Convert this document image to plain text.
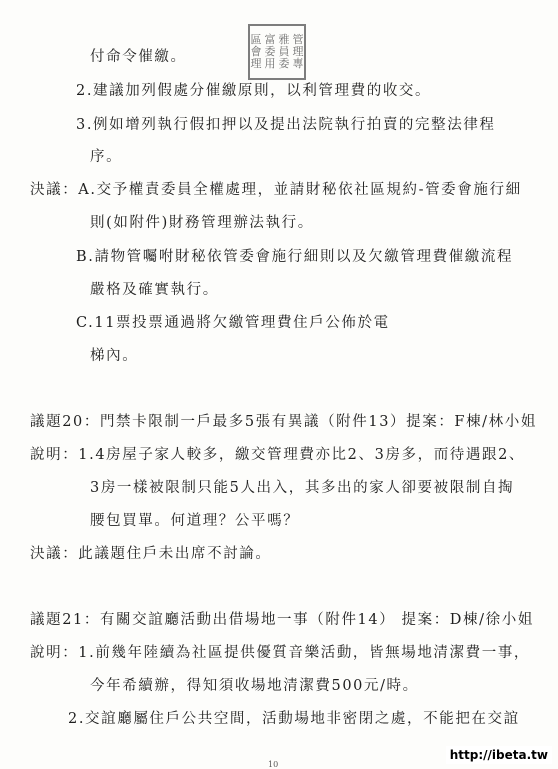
區 富 雅 管
會 委 員 理
理 用 委 專
付命令催繳。
2.建議加列假處分催繳原則，以利管理費的收交。
3.例如增列執行假扣押以及提出法院執行拍賣的完整法律程
序。
決議：A.交予權責委員全權處理，並請財秘依社區規約-管委會施行細
則(如附件)財務管理辦法執行。
B.請物管囑咐財秘依管委會施行細則以及欠繳管理費催繳流程
嚴格及確實執行。
C.11票投票通過將欠繳管理費住戶公佈於電
梯內。
議題20：門禁卡限制一戶最多5張有異議（附件13）提案：F棟/林小姐
說明：1.4房屋子家人較多，繳交管理費亦比2、3房多，而待遇跟2、
3房一樣被限制只能5人出入，其多出的家人卻要被限制自掏
腰包買單。何道理？公平嗎？
決議：此議題住戶未出席不討論。
議題21：有關交誼廳活動出借場地一事（附件14） 提案：D棟/徐小姐
說明：1.前幾年陸續為社區提供優質音樂活動，皆無場地清潔費一事，
今年希續辦，得知須收場地清潔費500元/時。
2.交誼廳屬住戶公共空間，活動場地非密閉之處，不能把在交誼
10
http://ibeta.tw
